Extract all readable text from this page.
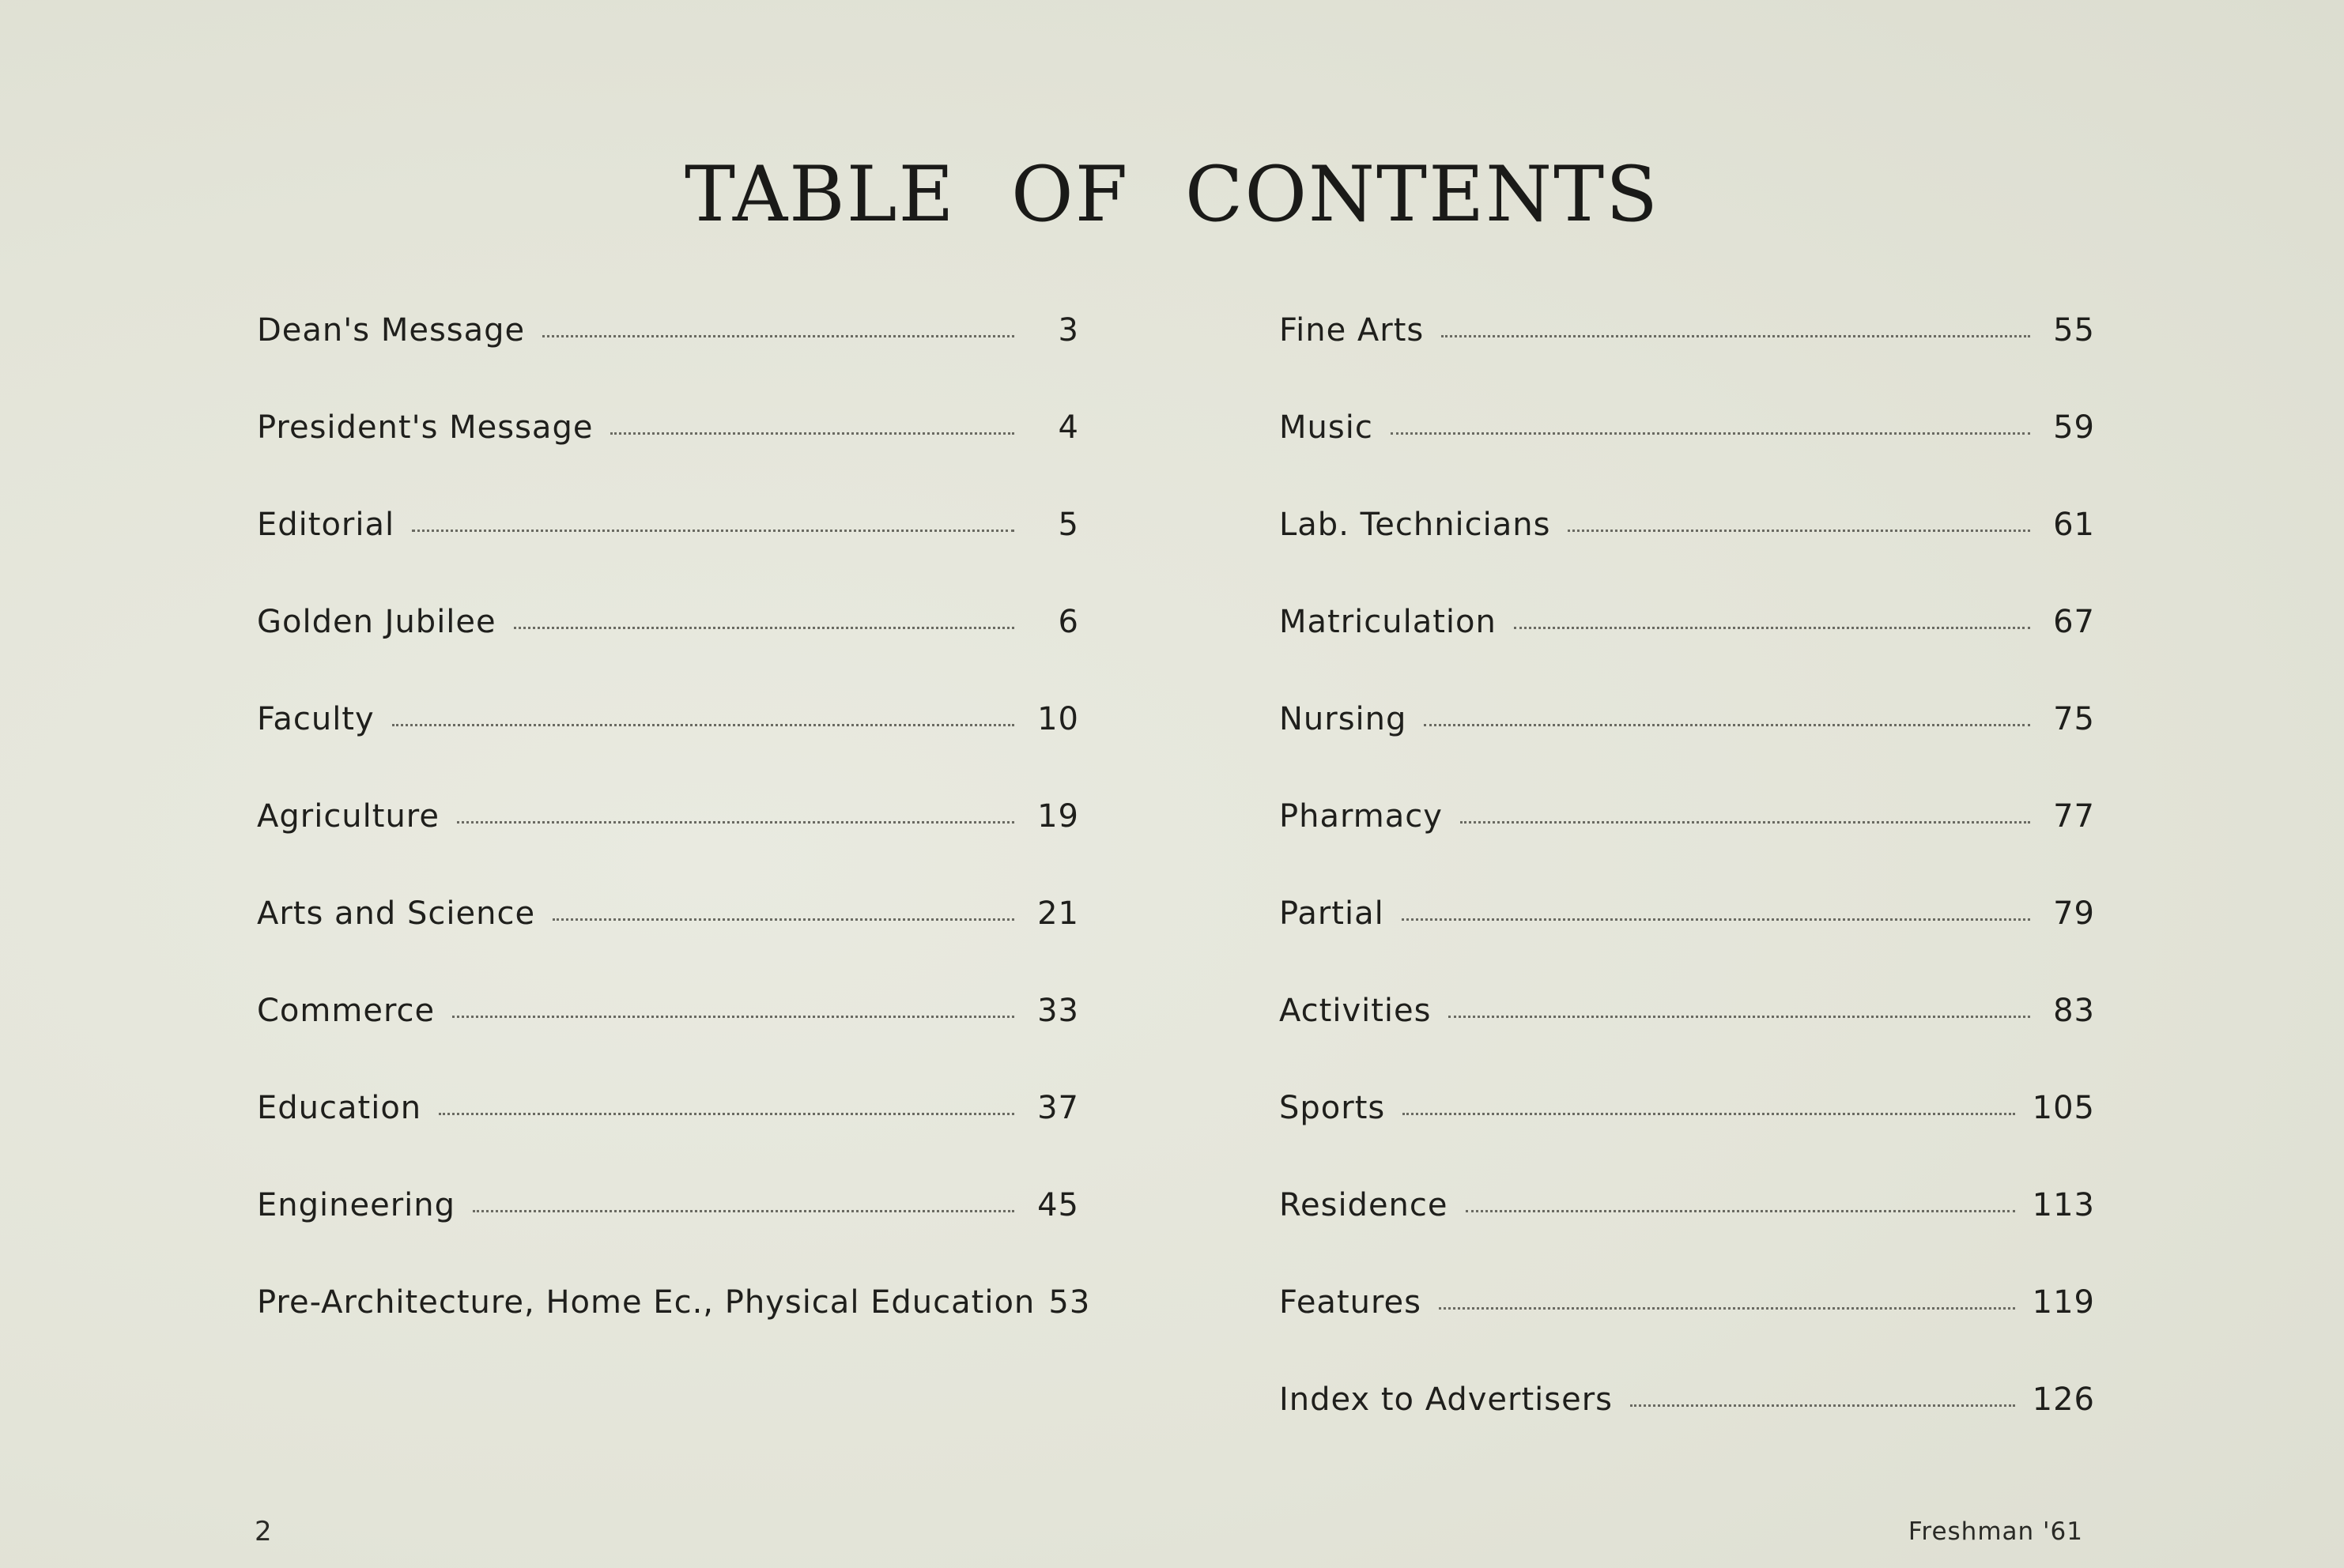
TABLE OF CONTENTS
Dean's Message	3
President's Message	4
Editorial	5
Golden Jubilee	6
Faculty	10
Agriculture	19
Arts and Science	21
Commerce	33
Education	37
Engineering	45
Pre-Architecture, Home Ec., Physical Education 53
Fine Arts	55
Music	59
Lab. Technicians	61
Matriculation	67
Nursing	75
Pharmacy	77
Partial	79
Activities	83
Sports	105
Residence	113
Features	119
Index to Advertisers	126
2	Freshman '61
